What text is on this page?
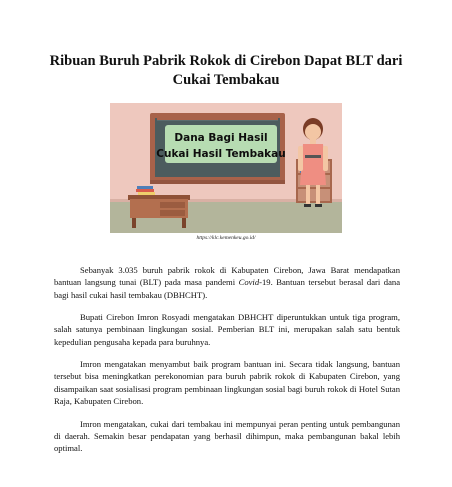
Ribuan Buruh Pabrik Rokok di Cirebon Dapat BLT dari Cukai Tembakau
Dana Bagi Hasil
Cukai Hasil Tembakau
https://klc.kemenkeu.go.id/

Sebanyak 3.035 buruh pabrik rokok di Kabupaten Cirebon, Jawa Barat mendapatkan bantuan langsung tunai (BLT) pada masa pandemi Covid-19. Bantuan tersebut berasal dari dana bagi hasil cukai hasil tembakau (DBHCHT).

Bupati Cirebon Imron Rosyadi mengatakan DBHCHT diperuntukkan untuk tiga program, salah satunya pembinaan lingkungan sosial. Pemberian BLT ini, merupakan salah satu bentuk kepedulian pengusaha kepada para buruhnya.

Imron mengatakan menyambut baik program bantuan ini. Secara tidak langsung, bantuan tersebut bisa meningkatkan perekonomian para buruh pabrik rokok di Kabupaten Cirebon, yang disampaikan saat sosialisasi program pembinaan lingkungan sosial bagi buruh rokok di Hotel Sutan Raja, Kabupaten Cirebon.

Imron mengatakan, cukai dari tembakau ini mempunyai peran penting untuk pembangunan di daerah. Semakin besar pendapatan yang berhasil dihimpun, maka pembangunan bakal lebih optimal.
